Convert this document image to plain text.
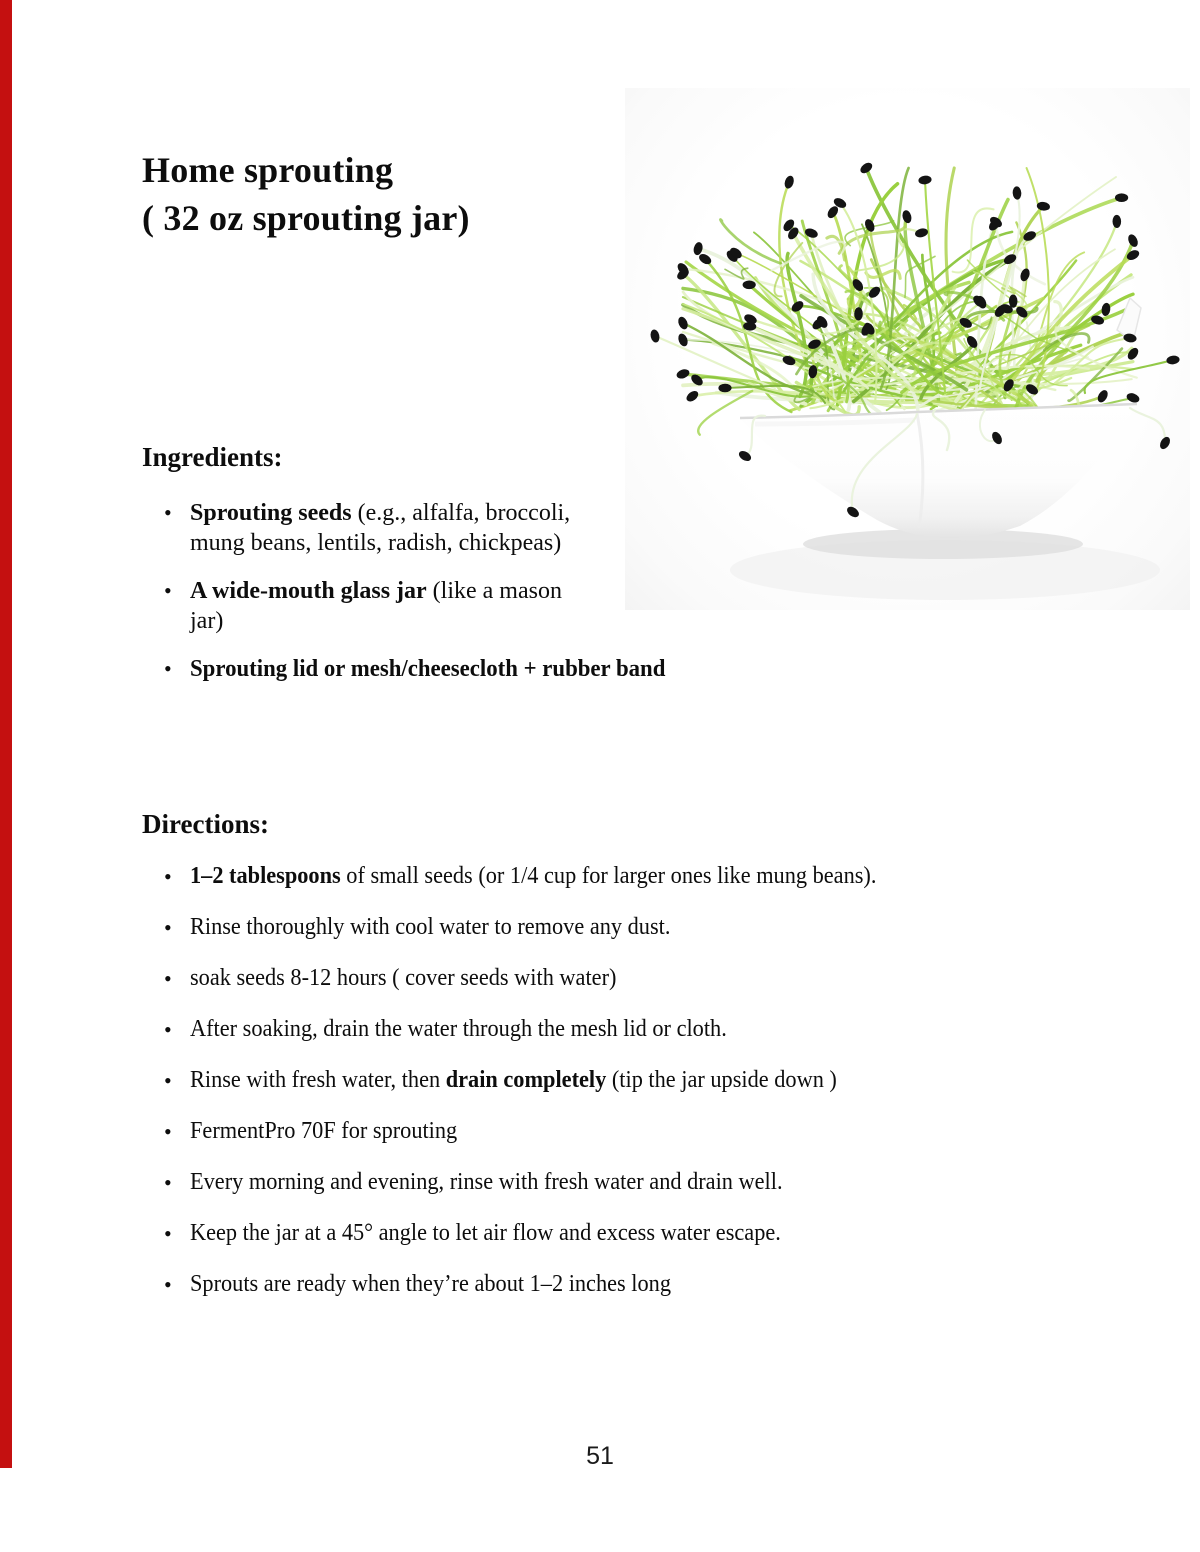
Home sprouting
( 32 oz sprouting jar)
Ingredients:
• Sprouting seeds (e.g., alfalfa, broccoli,
mung beans, lentils, radish, chickpeas)
• A wide-mouth glass jar (like a mason
jar)
• Sprouting lid or mesh/cheesecloth + rubber band
Directions:
• 1–2 tablespoons of small seeds (or 1/4 cup for larger ones like mung beans).
• Rinse thoroughly with cool water to remove any dust.
• soak seeds 8-12 hours ( cover seeds with water)
• After soaking, drain the water through the mesh lid or cloth.
• Rinse with fresh water, then drain completely (tip the jar upside down )
• FermentPro 70F for sprouting
• Every morning and evening, rinse with fresh water and drain well.
• Keep the jar at a 45° angle to let air flow and excess water escape.
• Sprouts are ready when they’re about 1–2 inches long
51
